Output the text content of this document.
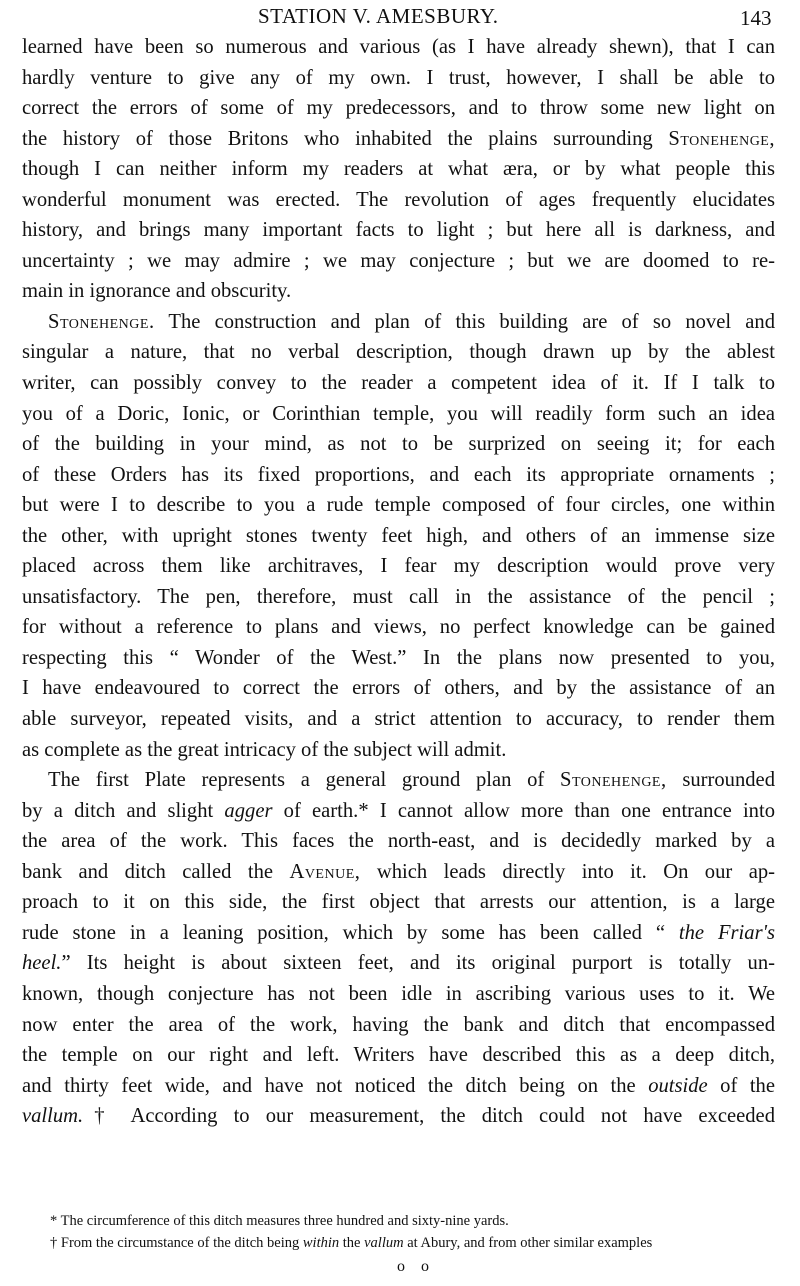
STATION V. AMESBURY.	143
learned have been so numerous and various (as I have already shewn), that I can
hardly venture to give any of my own. I trust, however, I shall be able to
correct the errors of some of my predecessors, and to throw some new light on
the history of those Britons who inhabited the plains surrounding Stonehenge,
though I can neither inform my readers at what æra, or by what people this
wonderful monument was erected. The revolution of ages frequently elucidates
history, and brings many important facts to light ; but here all is darkness, and
uncertainty ; we may admire ; we may conjecture ; but we are doomed to re-
main in ignorance and obscurity.
Stonehenge. The construction and plan of this building are of so novel and
singular a nature, that no verbal description, though drawn up by the ablest
writer, can possibly convey to the reader a competent idea of it. If I talk to
you of a Doric, Ionic, or Corinthian temple, you will readily form such an idea
of the building in your mind, as not to be surprized on seeing it; for each
of these Orders has its fixed proportions, and each its appropriate ornaments ;
but were I to describe to you a rude temple composed of four circles, one within
the other, with upright stones twenty feet high, and others of an immense size
placed across them like architraves, I fear my description would prove very
unsatisfactory. The pen, therefore, must call in the assistance of the pencil ;
for without a reference to plans and views, no perfect knowledge can be gained
respecting this “ Wonder of the West.” In the plans now presented to you,
I have endeavoured to correct the errors of others, and by the assistance of an
able surveyor, repeated visits, and a strict attention to accuracy, to render them
as complete as the great intricacy of the subject will admit.
The first Plate represents a general ground plan of Stonehenge, surrounded
by a ditch and slight agger of earth.* I cannot allow more than one entrance into
the area of the work. This faces the north-east, and is decidedly marked by a
bank and ditch called the Avenue, which leads directly into it. On our ap-
proach to it on this side, the first object that arrests our attention, is a large
rude stone in a leaning position, which by some has been called “ the Friar's
heel.” Its height is about sixteen feet, and its original purport is totally un-
known, though conjecture has not been idle in ascribing various uses to it. We
now enter the area of the work, having the bank and ditch that encompassed
the temple on our right and left. Writers have described this as a deep ditch,
and thirty feet wide, and have not noticed the ditch being on the outside of the
vallum.† According to our measurement, the ditch could not have exceeded
* The circumference of this ditch measures three hundred and sixty-nine yards.
† From the circumstance of the ditch being within the vallum at Abury, and from other similar examples
o o
